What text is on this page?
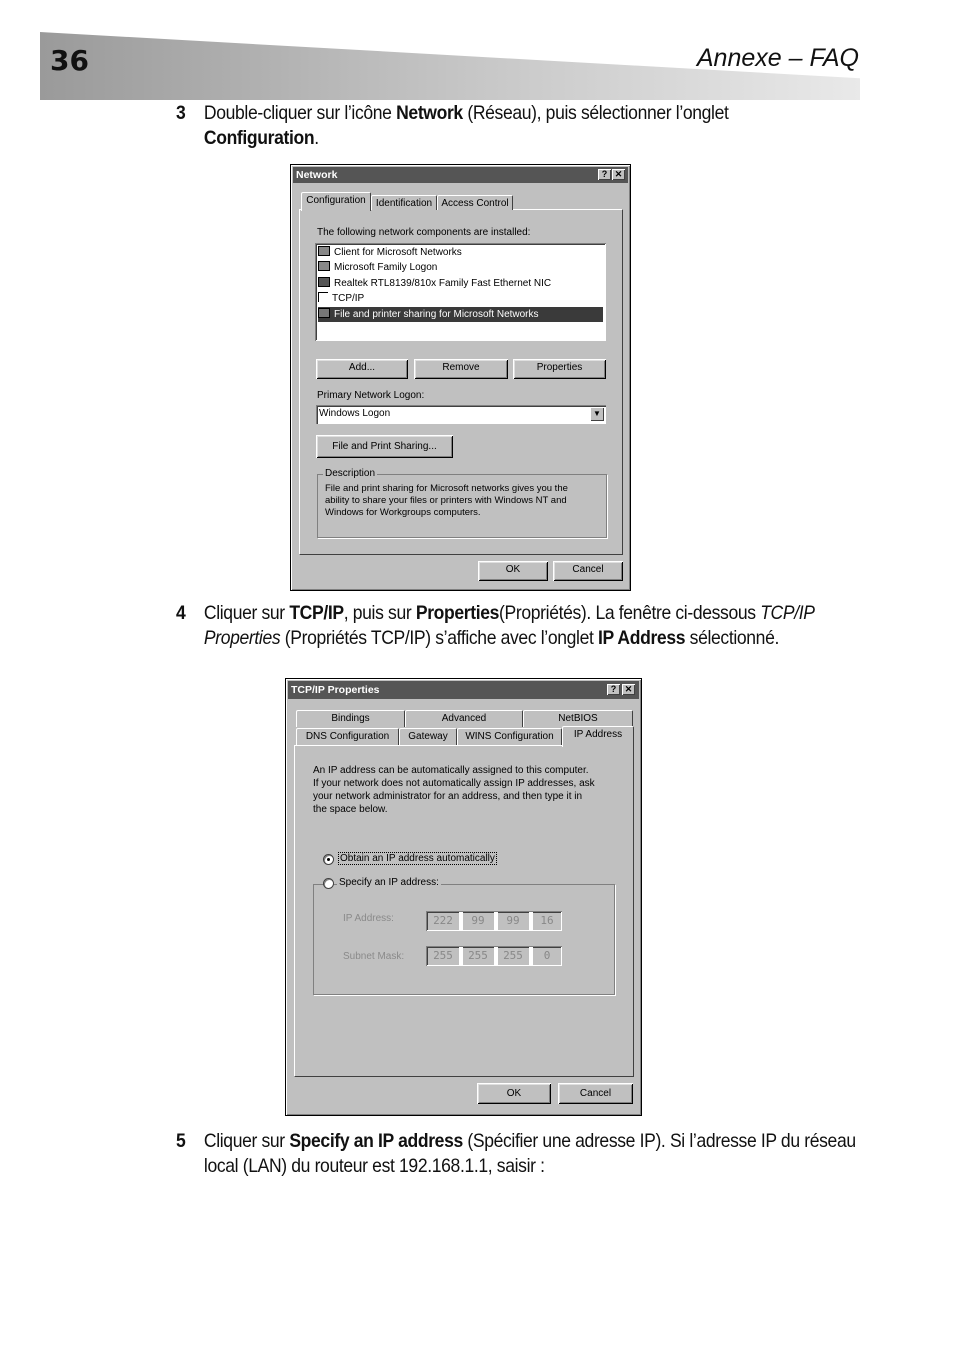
36	Annexe – FAQ
3 Double-cliquer sur l’icône Network (Réseau), puis sélectionner l’onglet
Configuration.
Network	? ✕
Configuration	Identification Access Control
The following network components are installed:
Client for Microsoft Networks
Microsoft Family Logon
Realtek RTL8139/810x Family Fast Ethernet NIC
TCP/IP
File and printer sharing for Microsoft Networks
Add...	Remove	Properties
Primary Network Logon:
Windows Logon	▼
File and Print Sharing...
Description
File and print sharing for Microsoft networks gives you the
ability to share your files or printers with Windows NT and
Windows for Workgroups computers.
OK	Cancel
4 Cliquer sur TCP/IP, puis sur Properties(Propriétés). La fenêtre ci-dessous TCP/IP
Properties (Propriétés TCP/IP) s’affiche avec l’onglet IP Address sélectionné.
TCP/IP Properties	? ✕
Bindings	Advanced	NetBIOS
DNS Configuration	Gateway	WINS Configuration	IP Address
An IP address can be automatically assigned to this computer.
If your network does not automatically assign IP addresses, ask
your network administrator for an address, and then type it in
the space below.
Obtain an IP address automatically
Specify an IP address:
IP Address:	222	99	99	16
Subnet Mask:	255	255	255	0
OK	Cancel
5 Cliquer sur Specify an IP address (Spécifier une adresse IP). Si l’adresse IP du réseau
local (LAN) du routeur est 192.168.1.1, saisir :
